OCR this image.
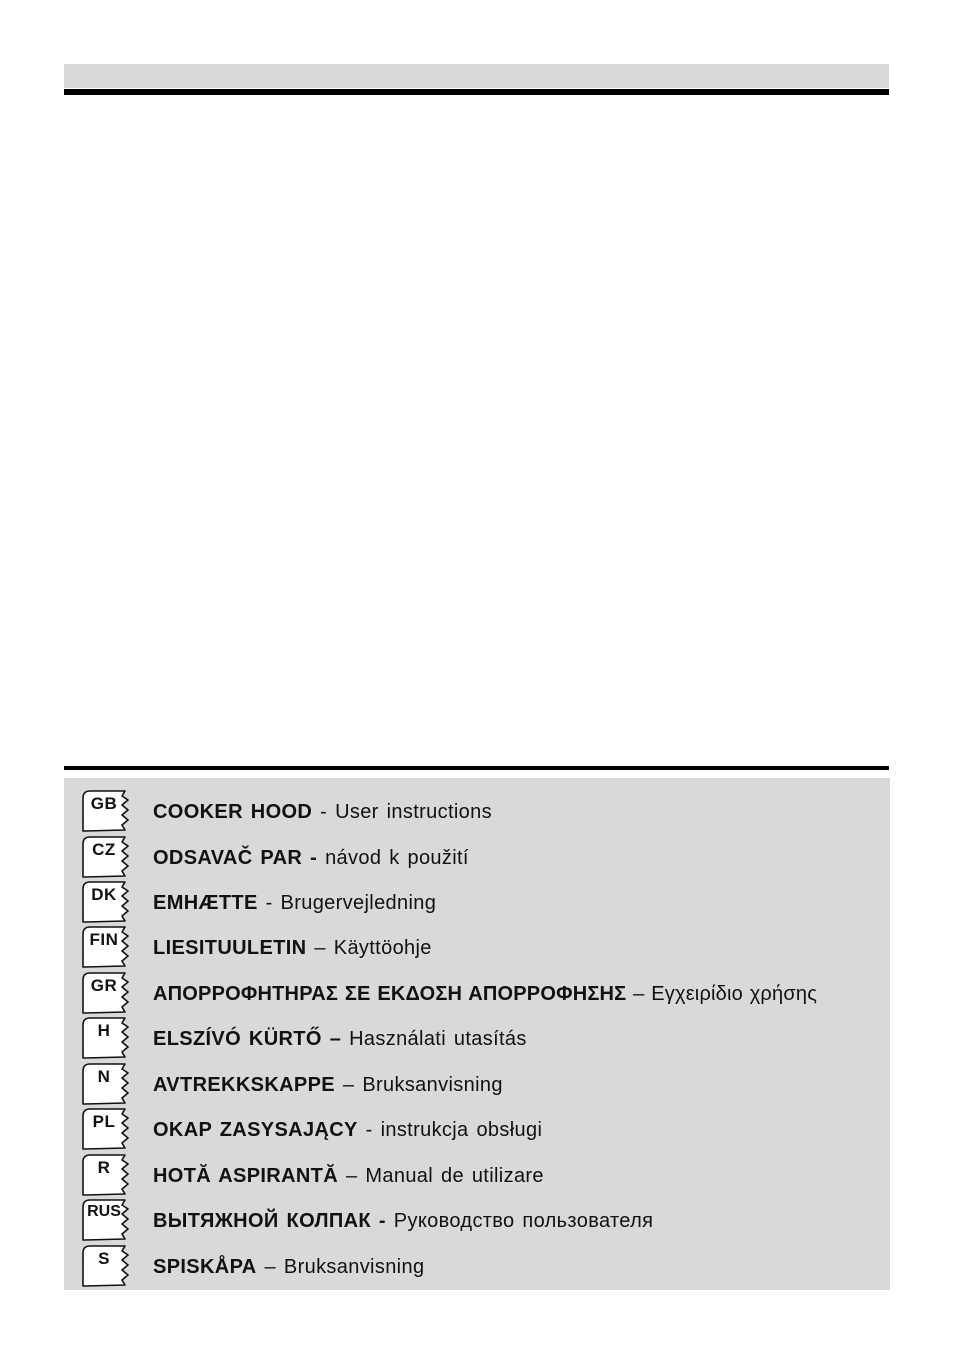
GB COOKER HOOD - User instructions
CZ	ODSAVAČ PAR - návod k použití
DK	EMHÆTTE - Brugervejledning
FIN LIESITUULETIN – Käyttöohje
GR ΑΠΟΡΡΟΦΗΤΗΡΑΣ ΣΕ ΕΚΔΟΣΗ ΑΠΟΡΡΟΦΗΣΗΣ – Εγχειρίδιο χρήσης
H	ELSZÍVÓ KÜRTŐ – Használati utasítás
N	AVTREKKSKAPPE – Bruksanvisning
PL	OKAP ZASYSAJĄCY - instrukcja obsługi
R	HOTĂ ASPIRANTĂ – Manual de utilizare
RUS ВЫТЯЖНОЙ КОЛПАК - Руководство пользователя
S	SPISKÅPA – Bruksanvisning
